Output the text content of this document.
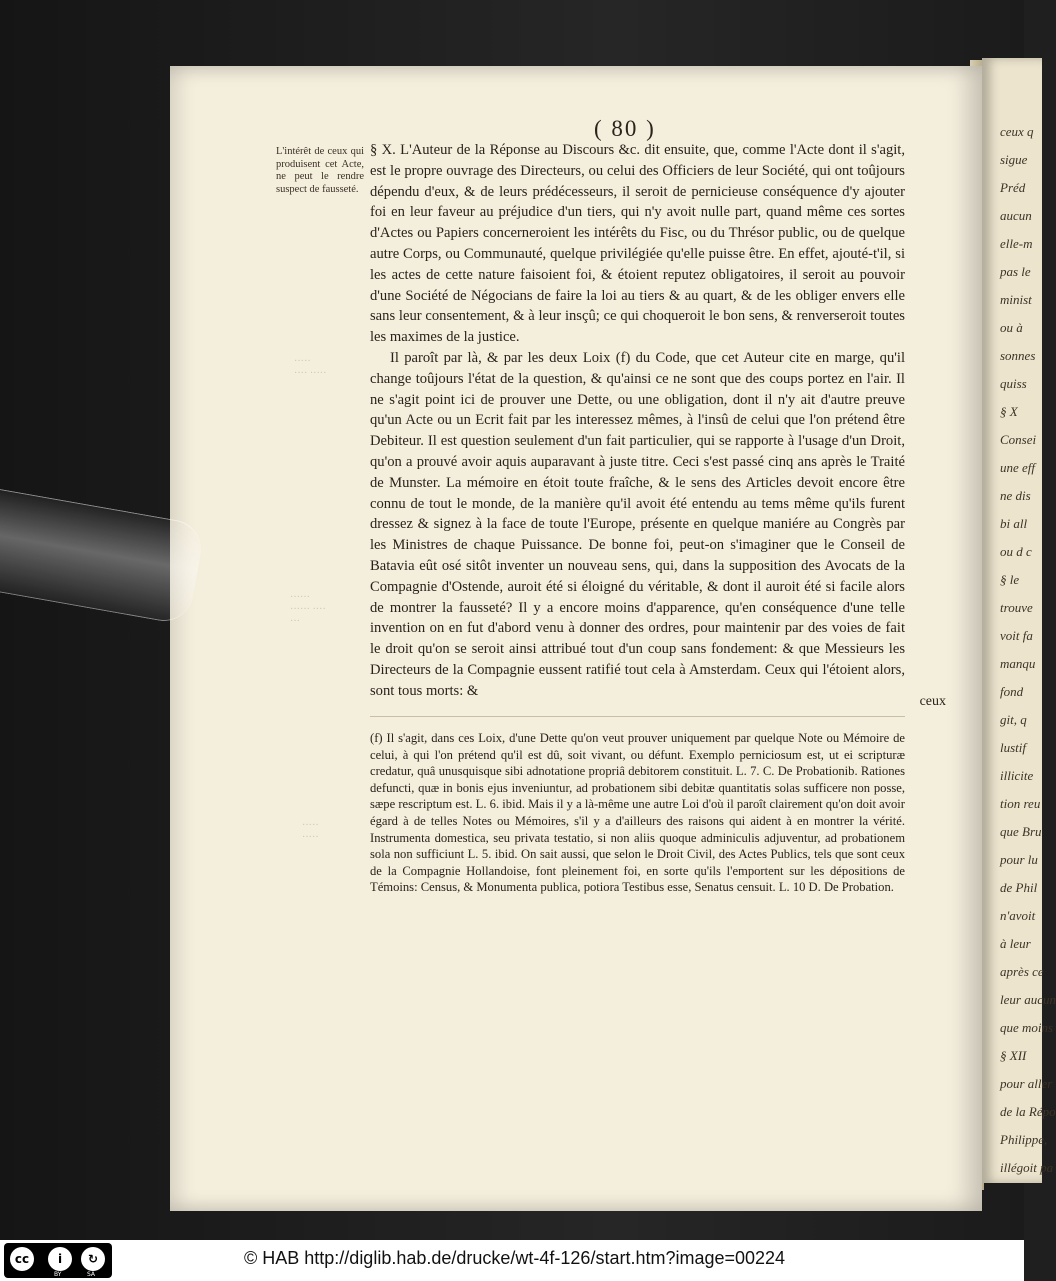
ceux q
sigue
Préd
aucun
elle-m
pas le
minist
ou à
sonnes
quiss
§ X
Consei
une eff
ne dis
bi all
ou d c
§ le
trouve
voit fa
manqu
fond
git, q
lustif
illicite
tion reu
que Bru
pour lu
de Phil
n'avoit
à leur
après ce
leur aucun
que moins
§ XII
pour aller
de la Répo
Philippe,
illégoit pa
( 80 )
L'intérêt de ceux qui produisent cet Acte, ne peut le rendre suspect de fausseté.
·····
···· ·····
······
······ ····
···
·····
·····

§ X. L'Auteur de la Réponse au Discours &c. dit ensuite, que, comme l'Acte dont il s'agit, est le propre ouvrage des Directeurs, ou celui des Officiers de leur Société, qui ont toûjours dépendu d'eux, & de leurs prédécesseurs, il seroit de pernicieuse conséquence d'y ajouter foi en leur faveur au préjudice d'un tiers, qui n'y avoit nulle part, quand même ces sortes d'Actes ou Papiers concerneroient les intérêts du Fisc, ou du Thrésor public, ou de quelque autre Corps, ou Communauté, quelque privilégiée qu'elle puisse être. En effet, ajouté-t'il, si les actes de cette nature faisoient foi, & étoient reputez obligatoires, il seroit au pouvoir d'une Société de Négocians de faire la loi au tiers & au quart, & de les obliger envers elle sans leur consentement, & à leur insçû; ce qui choqueroit le bon sens, & renverseroit toutes les maximes de la justice.

Il paroît par là, & par les deux Loix (f) du Code, que cet Auteur cite en marge, qu'il change toûjours l'état de la question, & qu'ainsi ce ne sont que des coups portez en l'air. Il ne s'agit point ici de prouver une Dette, ou une obligation, dont il n'y ait d'autre preuve qu'un Acte ou un Ecrit fait par les interessez mêmes, à l'insû de celui que l'on prétend être Debiteur. Il est question seulement d'un fait particulier, qui se rapporte à l'usage d'un Droit, qu'on a prouvé avoir aquis auparavant à juste titre. Ceci s'est passé cinq ans après le Traité de Munster. La mémoire en étoit toute fraîche, & le sens des Articles devoit encore être connu de tout le monde, de la manière qu'il avoit été entendu au tems même qu'ils furent dressez & signez à la face de toute l'Europe, présente en quelque maniére au Congrès par les Ministres de chaque Puissance. De bonne foi, peut-on s'imaginer que le Conseil de Batavia eût osé sitôt inventer un nouveau sens, qui, dans la supposition des Avocats de la Compagnie d'Ostende, auroit été si éloigné du véritable, & dont il auroit été si facile alors de montrer la fausseté? Il y a encore moins d'apparence, qu'en conséquence d'une telle invention on en fut d'abord venu à donner des ordres, pour maintenir par des voies de fait le droit qu'on se seroit ainsi attribué tout d'un coup sans fondement: & que Messieurs les Directeurs de la Compagnie eussent ratifié tout cela à Amsterdam. Ceux qui l'étoient alors, sont tous morts: &

ceux
(f) Il s'agit, dans ces Loix, d'une Dette qu'on veut prouver uniquement par quelque Note ou Mémoire de celui, à qui l'on prétend qu'il est dû, soit vivant, ou défunt. Exemplo perniciosum est, ut ei scripturæ credatur, quâ unusquisque sibi adnotatione propriâ debitorem constituit. L. 7. C. De Probationib. Rationes defuncti, quæ in bonis ejus inveniuntur, ad probationem sibi debitæ quantitatis solas sufficere non posse, sæpe rescriptum est. L. 6. ibid. Mais il y a là-même une autre Loi d'où il paroît clairement qu'on doit avoir égard à de telles Notes ou Mémoires, s'il y a d'ailleurs des raisons qui aident à en montrer la vérité. Instrumenta domestica, seu privata testatio, si non aliis quoque adminiculis adjuventur, ad probationem sola non sufficiunt L. 5. ibid. On sait aussi, que selon le Droit Civil, des Actes Publics, tels que sont ceux de la Compagnie Hollandoise, font pleinement foi, en sorte qu'ils l'emportent sur les dépositions de Témoins: Census, & Monumenta publica, potiora Testibus esse, Senatus censuit. L. 10 D. De Probation.
cc	i	↻
BY	SA
© HAB http://diglib.hab.de/drucke/wt-4f-126/start.htm?image=00224
